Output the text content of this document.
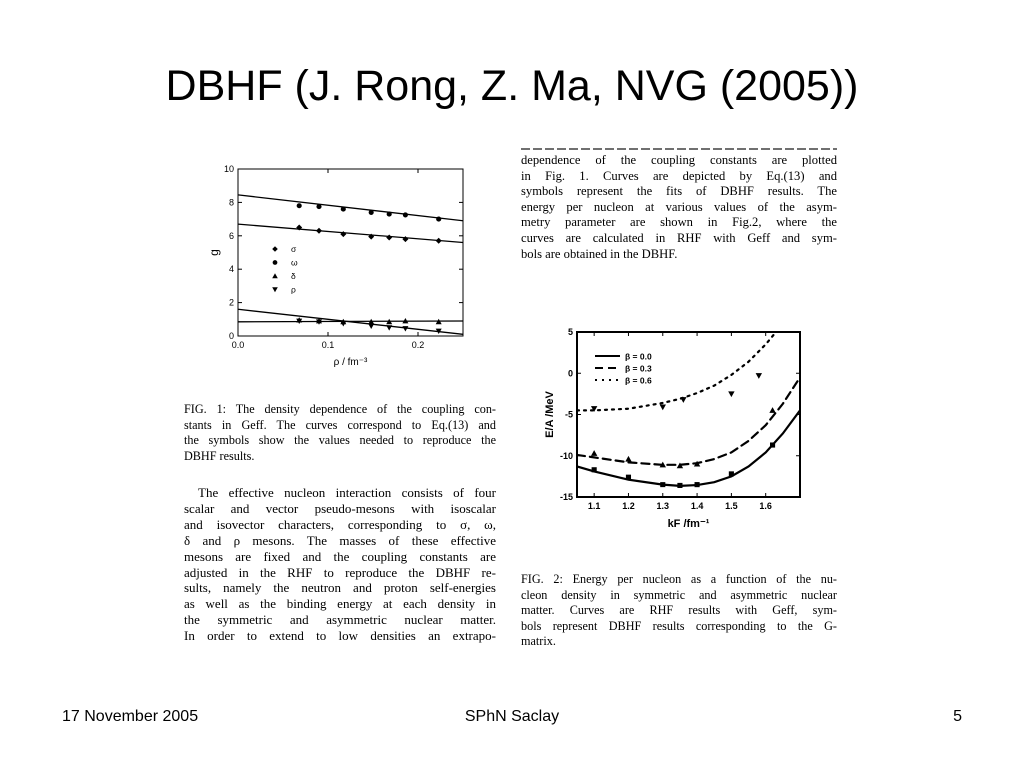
DBHF (J. Rong, Z. Ma, NVG (2005))
dependence of the coupling constants are plotted
in Fig. 1. Curves are depicted by Eq.(13) and
symbols represent the fits of DBHF results. The
energy per nucleon at various values of the asym-
metry parameter are shown in Fig.2, where the
curves are calculated in RHF with Geff and sym-
bols are obtained in the DBHF.
0.0	0.1	0.2
0
2
4
6
8
10
σ
ω
δ
ρ
g
ρ / fm⁻³
FIG. 1: The density dependence of the coupling con-
stants in Geff. The curves correspond to Eq.(13) and
the symbols show the values needed to reproduce the
DBHF results.
The effective nucleon interaction consists of four
scalar and vector pseudo-mesons with isoscalar
and isovector characters, corresponding to σ, ω,
δ and ρ mesons. The masses of these effective
mesons are fixed and the coupling constants are
adjusted in the RHF to reproduce the DBHF re-
sults, namely the neutron and proton self-energies
as well as the binding energy at each density in
the symmetric and asymmetric nuclear matter.
In order to extend to low densities an extrapo-
1.1 1.2 1.3 1.4 1.5 1.6
-15
-10
-5
0
5
β = 0.0
β = 0.3
β = 0.6
E/A /MeV
kF /fm⁻¹
FIG. 2: Energy per nucleon as a function of the nu-
cleon density in symmetric and asymmetric nuclear
matter. Curves are RHF results with Geff, sym-
bols represent DBHF results corresponding to the G-
matrix.
17 November 2005	SPhN Saclay	5
